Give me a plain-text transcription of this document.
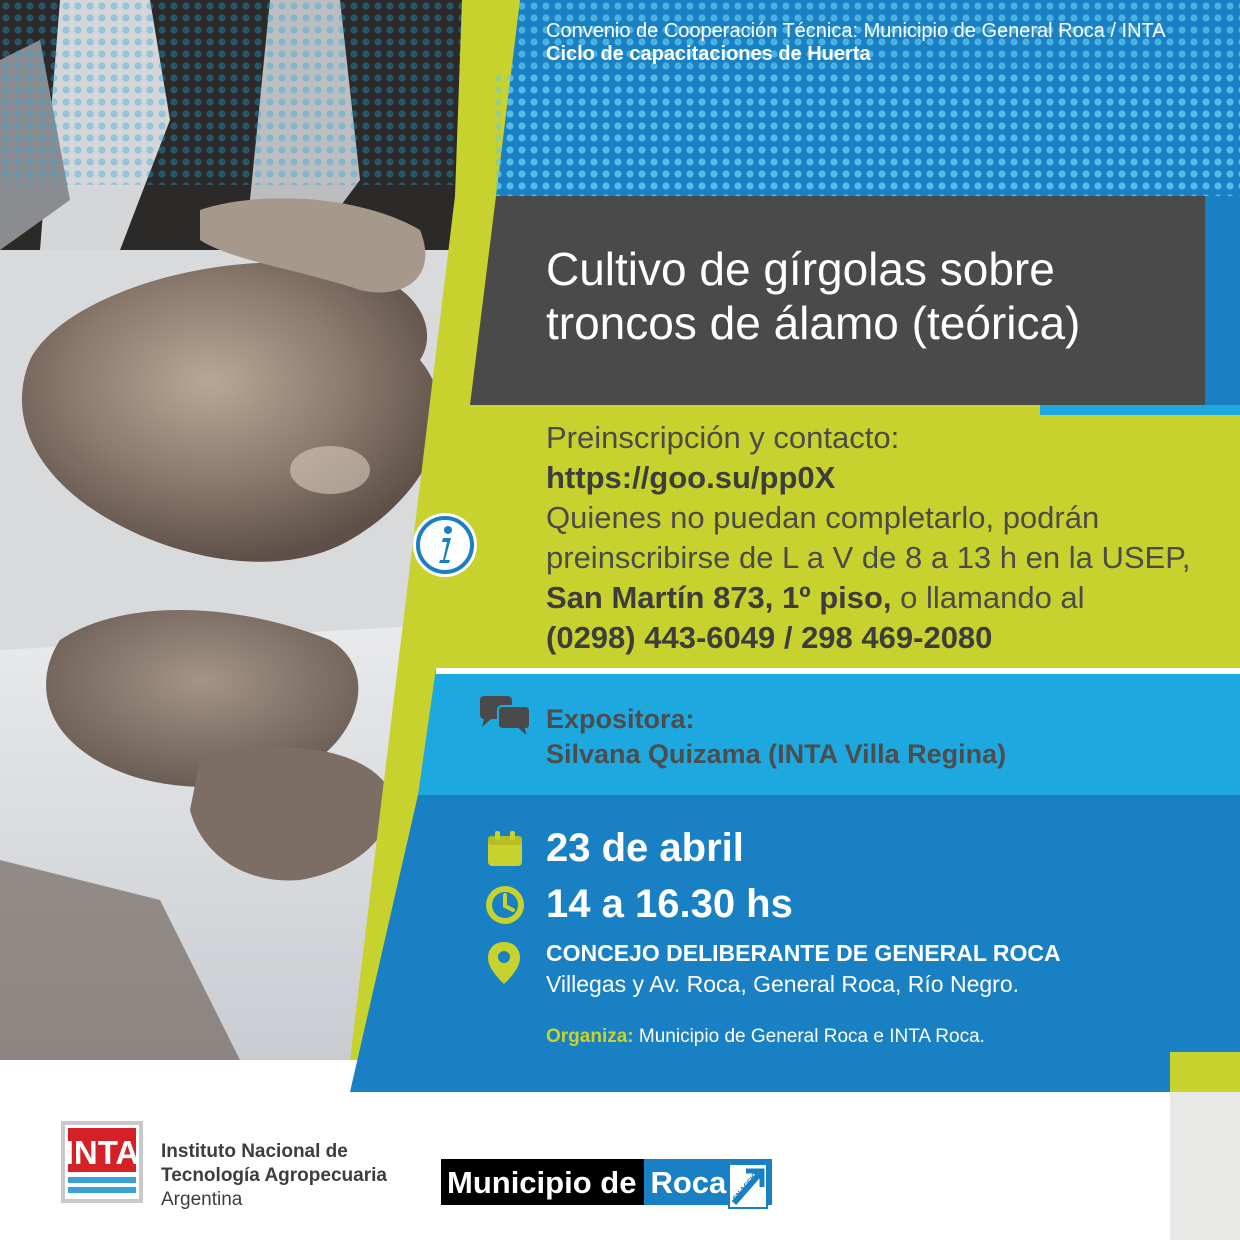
Convenio de Cooperación Técnica: Municipio de General Roca / INTA
Ciclo de capacitaciones de Huerta
Cultivo de gírgolas sobre
troncos de álamo (teórica)
Preinscripción y contacto:
https://goo.su/pp0X
Quienes no puedan completarlo, podrán preinscribirse de L a V de 8 a 13 h en la USEP,
San Martín 873, 1º piso, o llamando al
(0298) 443-6049 / 298 469-2080
Expositora:
Silvana Quizama (INTA Villa Regina)
23 de abril
14 a 16.30 hs
CONCEJO DELIBERANTE DE GENERAL ROCA
Villegas y Av. Roca, General Roca, Río Negro.
Organiza: Municipio de General Roca e INTA Roca.
INTA Instituto Nacional de
Tecnología Agropecuaria
Argentina	Municipio de Roca EN ACCION
